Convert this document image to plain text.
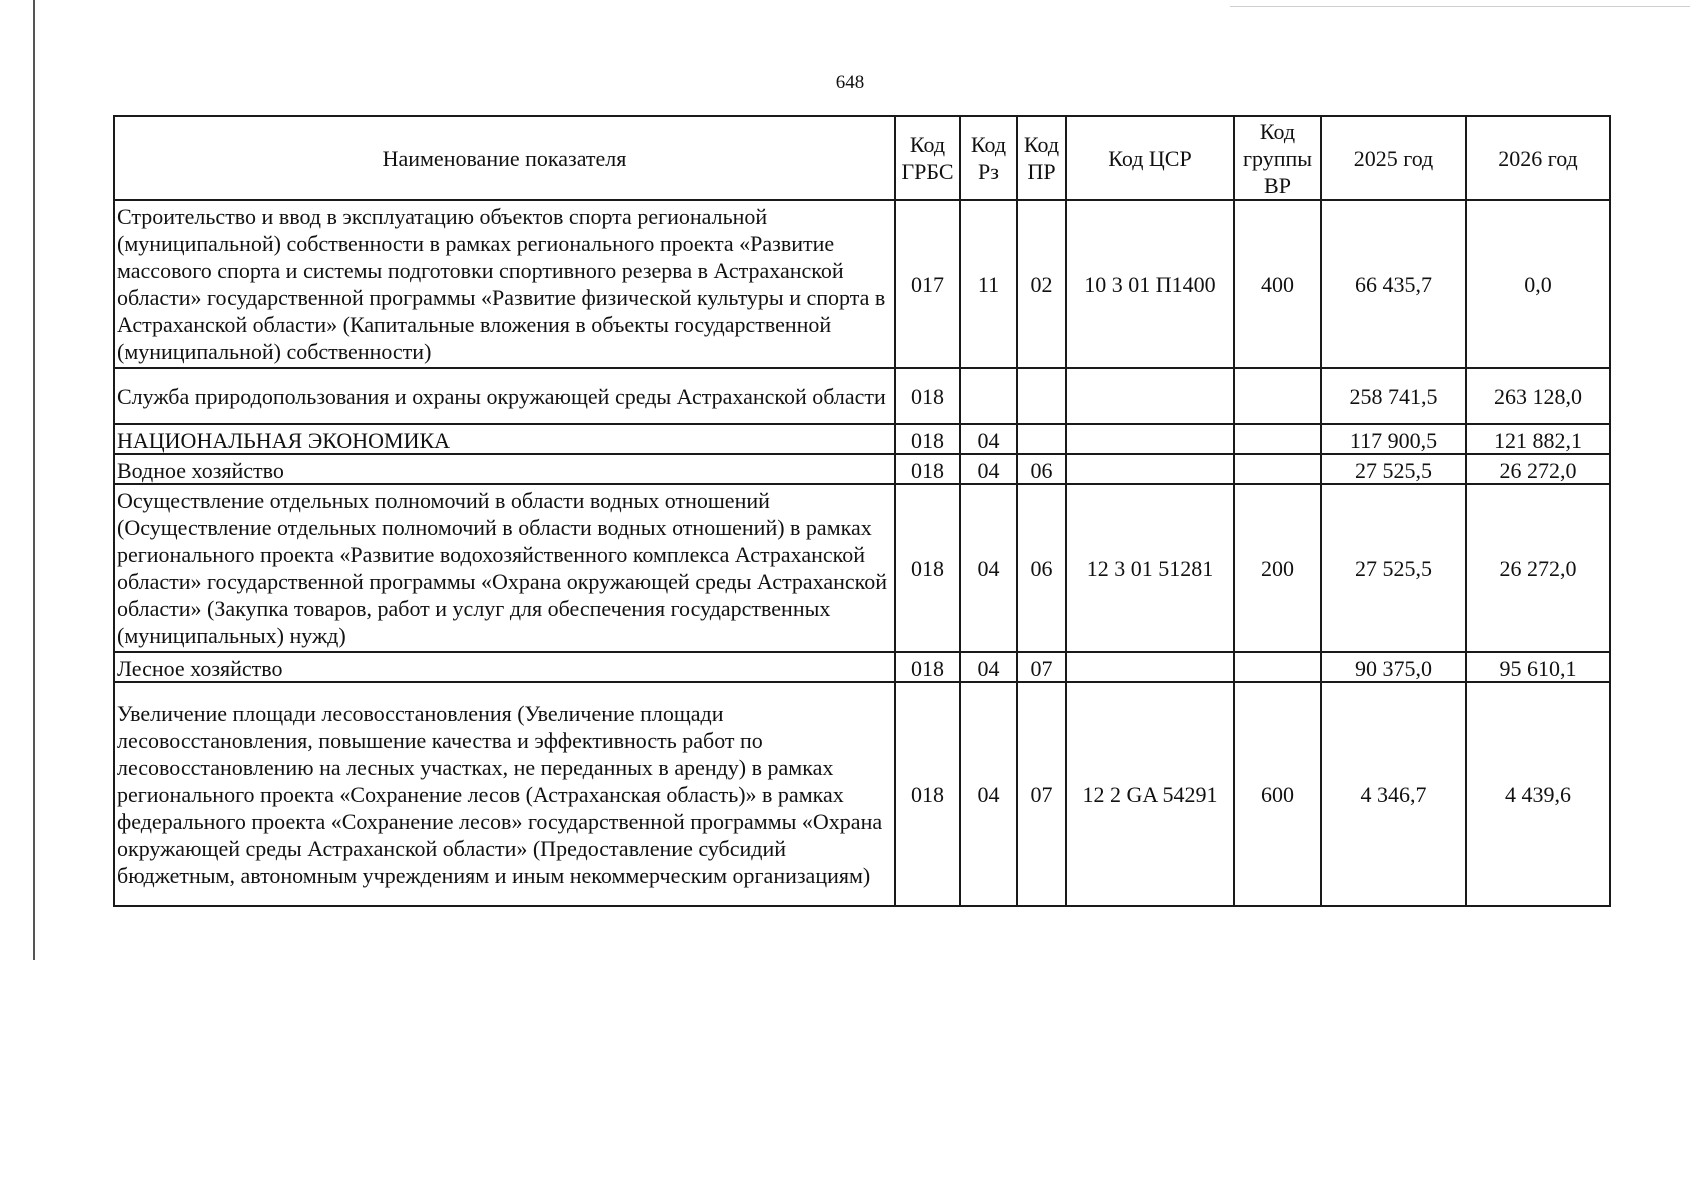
648
Наименование показателя	Код ГРБС	Код Рз	Код ПР	Код ЦСР	Код группы ВР	2025 год	2026 год
Строительство и ввод в эксплуатацию объектов спорта региональной (муниципальной) собственности в рамках регионального проекта «Развитие массового спорта и системы подготовки спортивного резерва в Астраханской области» государственной программы «Развитие физической культуры и спорта в Астраханской области» (Капитальные вложения в объекты государственной (муниципальной) собственности)	017	11	02	10 3 01 П1400	400	66 435,7	0,0
Служба природопользования и охраны окружающей среды Астраханской области	018					258 741,5	263 128,0
НАЦИОНАЛЬНАЯ ЭКОНОМИКА	018	04				117 900,5	121 882,1
Водное хозяйство	018	04	06			27 525,5	26 272,0
Осуществление отдельных полномочий в области водных отношений (Осуществление отдельных полномочий в области водных отношений) в рамках регионального проекта «Развитие водохозяйственного комплекса Астраханской области» государственной программы «Охрана окружающей среды Астраханской области» (Закупка товаров, работ и услуг для обеспечения государственных (муниципальных) нужд)	018	04	06	12 3 01 51281	200	27 525,5	26 272,0
Лесное хозяйство	018	04	07			90 375,0	95 610,1
Увеличение площади лесовосстановления (Увеличение площади лесовосстановления, повышение качества и эффективность работ по лесовосстановлению на лесных участках, не переданных в аренду) в рамках регионального проекта «Сохранение лесов (Астраханская область)» в рамках федерального проекта «Сохранение лесов» государственной программы «Охрана окружающей среды Астраханской области» (Предоставление субсидий бюджетным, автономным учреждениям и иным некоммерческим организациям)	018	04	07	12 2 GA 54291	600	4 346,7	4 439,6
